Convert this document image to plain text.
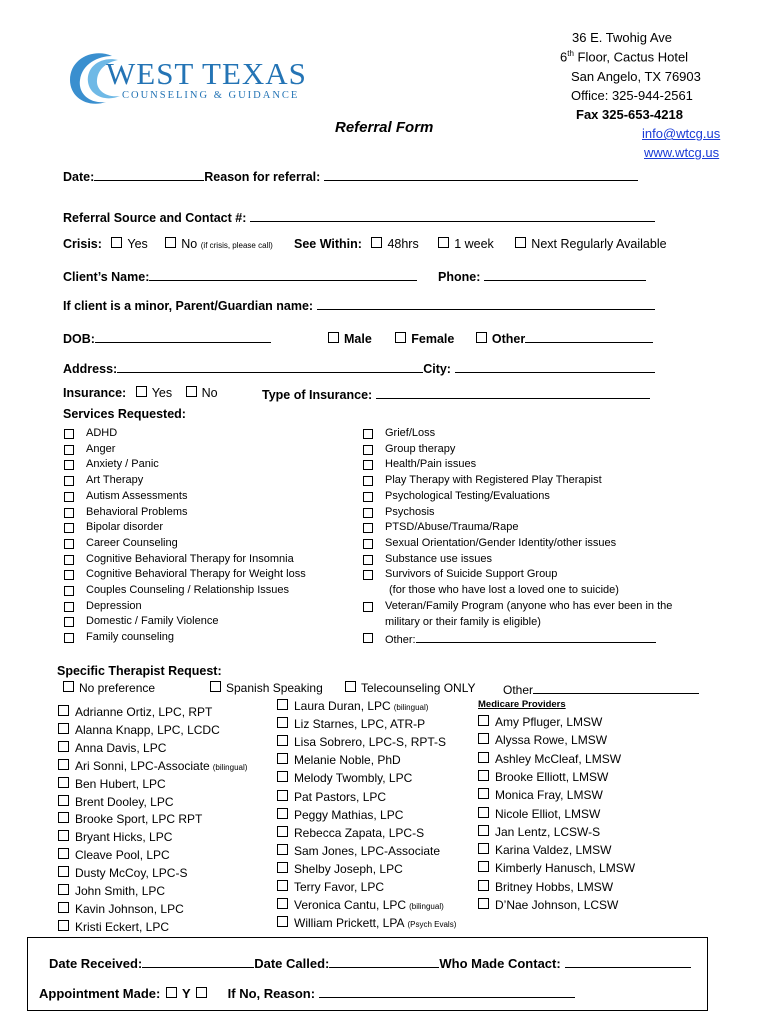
WEST TEXAS
COUNSELING & GUIDANCE
36 E. Twohig Ave
6th Floor, Cactus Hotel
San Angelo, TX 76903
Office: 325-944-2561
Fax 325-653-4218
info@wtcg.us
www.wtcg.us
Referral Form
Date:	Reason for referral:
Referral Source and Contact #:
Crisis: Yes	No (if crisis, please call) See Within: 48hrs	1 week	Next Regularly Available
Client’s Name:	Phone:
If client is a minor, Parent/Guardian name:
DOB:	Male	Female	Other
Address:	City:
Insurance: Yes No	Type of Insurance:
Services Requested:
ADHD
Anger
Anxiety / Panic
Art Therapy
Autism Assessments
Behavioral Problems
Bipolar disorder
Career Counseling
Cognitive Behavioral Therapy for Insomnia
Cognitive Behavioral Therapy for Weight loss
Couples Counseling / Relationship Issues
Depression
Domestic / Family Violence
Family counseling
Grief/Loss
Group therapy
Health/Pain issues
Play Therapy with Registered Play Therapist
Psychological Testing/Evaluations
Psychosis
PTSD/Abuse/Trauma/Rape
Sexual Orientation/Gender Identity/other issues
Substance use issues
Survivors of Suicide Support Group
(for those who have lost a loved one to suicide)
Veteran/Family Program (anyone who has ever been in the
military or their family is eligible)
Other:
Specific Therapist Request:
No preference	Spanish Speaking	Telecounseling ONLY Other
Medicare Providers
Adrianne Ortiz, LPC, RPT
Alanna Knapp, LPC, LCDC
Anna Davis, LPC
Ari Sonni, LPC-Associate (bilingual)
Ben Hubert, LPC
Brent Dooley, LPC
Brooke Sport, LPC RPT
Bryant Hicks, LPC
Cleave Pool, LPC
Dusty McCoy, LPC-S
John Smith, LPC
Kavin Johnson, LPC
Kristi Eckert, LPC
Laura Duran, LPC (bilingual)
Liz Starnes, LPC, ATR-P
Lisa Sobrero, LPC-S, RPT-S
Melanie Noble, PhD
Melody Twombly, LPC
Pat Pastors, LPC
Peggy Mathias, LPC
Rebecca Zapata, LPC-S
Sam Jones, LPC-Associate
Shelby Joseph, LPC
Terry Favor, LPC
Veronica Cantu, LPC (bilingual)
William Prickett, LPA (Psych Evals)
Amy Pfluger, LMSW
Alyssa Rowe, LMSW
Ashley McCleaf, LMSW
Brooke Elliott, LMSW
Monica Fray, LMSW
Nicole Elliot, LMSW
Jan Lentz, LCSW-S
Karina Valdez, LMSW
Kimberly Hanusch, LMSW
Britney Hobbs, LMSW
D’Nae Johnson, LCSW
Date Received:	Date Called:	Who Made Contact:
Appointment Made: Y	If No, Reason:
